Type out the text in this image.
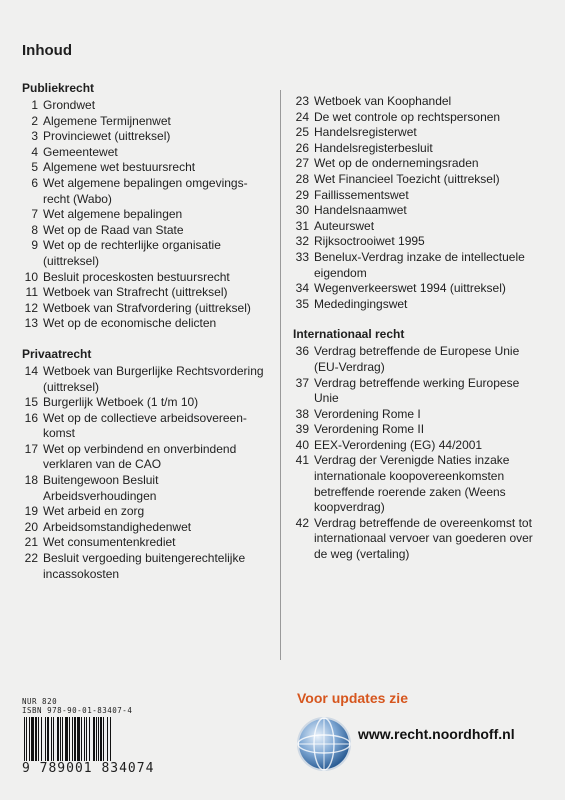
Inhoud
Publiekrecht
1 Grondwet
2 Algemene Termijnenwet
3 Provinciewet (uittreksel)
4 Gemeentewet
5 Algemene wet bestuursrecht
6 Wet algemene bepalingen omgevings-recht (Wabo)
7 Wet algemene bepalingen
8 Wet op de Raad van State
9 Wet op de rechterlijke organisatie (uittreksel)
10 Besluit proceskosten bestuursrecht
11 Wetboek van Strafrecht (uittreksel)
12 Wetboek van Strafvordering (uittreksel)
13 Wet op de economische delicten
Privaatrecht
14 Wetboek van Burgerlijke Rechtsvordering (uittreksel)
15 Burgerlijk Wetboek (1 t/m 10)
16 Wet op de collectieve arbeidsovereen-komst
17 Wet op verbindend en onverbindend verklaren van de CAO
18 Buitengewoon Besluit Arbeidsverhoudingen
19 Wet arbeid en zorg
20 Arbeidsomstandighedenwet
21 Wet consumentenkrediet
22 Besluit vergoeding buitengerechtelijke incassokosten
23 Wetboek van Koophandel
24 De wet controle op rechtspersonen
25 Handelsregisterwet
26 Handelsregisterbesluit
27 Wet op de ondernemingsraden
28 Wet Financieel Toezicht (uittreksel)
29 Faillissementswet
30 Handelsnaamwet
31 Auteurswet
32 Rijksoctrooiwet 1995
33 Benelux-Verdrag inzake de intellectuele eigendom
34 Wegenverkeerswet 1994 (uittreksel)
35 Mededingingswet
Internationaal recht
36 Verdrag betreffende de Europese Unie (EU-Verdrag)
37 Verdrag betreffende werking Europese Unie
38 Verordening Rome I
39 Verordening Rome II
40 EEX-Verordening (EG) 44/2001
41 Verdrag der Verenigde Naties inzake internationale koopovereenkomsten betreffende roerende zaken (Weens koopverdrag)
42 Verdrag betreffende de overeenkomst tot internationaal vervoer van goederen over de weg (vertaling)
NUR 820
ISBN 978-90-01-83407-4
9 789001 834074
Voor updates zie
www.recht.noordhoff.nl
